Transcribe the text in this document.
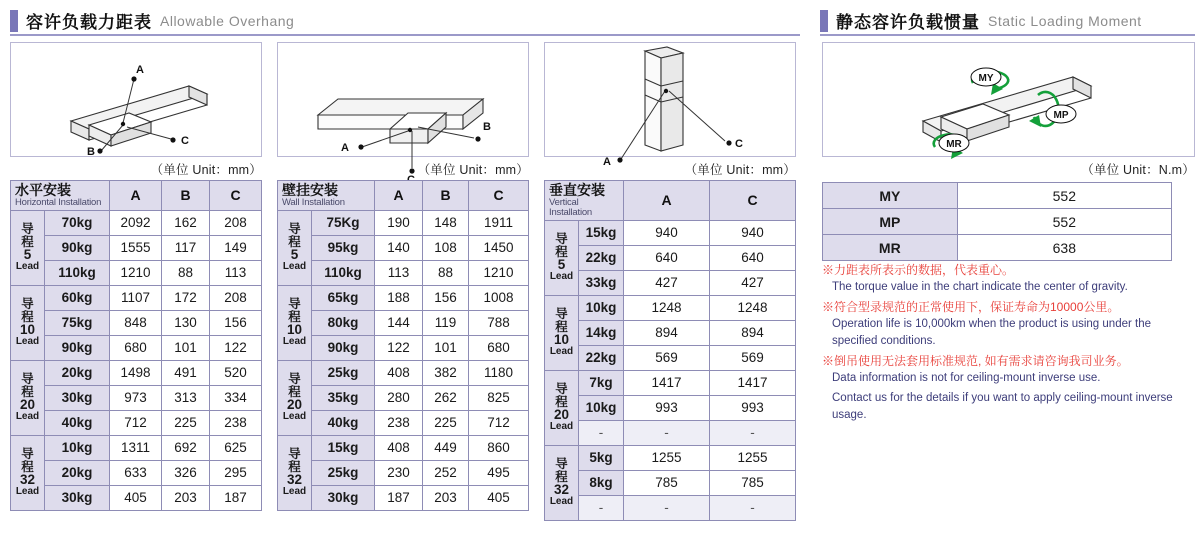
容许负载力距表 Allowable Overhang	静态容许负载惯量 Static Loading Moment
A
B
C
（单位 Unit：mm）
A
B
（单位 Unit：mm）
A
C
（单位 Unit：mm）
MY
MP
MR
（单位 Unit：N.m）
水平安装
Horizontal Installation		A	B	C

导
程
5
Lead	70kg	2092	162	208
	90kg	1555	117	149
	110kg	1210	88	113

导
程
10
Lead	60kg	1107	172	208
	75kg	848	130	156
	90kg	680	101	122

导
程
20
Lead	20kg	1498	491	520
	30kg	973	313	334
	40kg	712	225	238

导
程
32
Lead	10kg	1311	692	625
	20kg	633	326	295
	30kg	405	203	187
壁挂安装
Wall Installation		A	B	C

导
程
5
Lead	75Kg	190	148	1911
	95kg	140	108	1450
	110kg	113	88	1210

导
程
10
Lead	65kg	188	156	1008
	80kg	144	119	788
	90kg	122	101	680

导
程
20
Lead	25kg	408	382	1180
	35kg	280	262	825
	40kg	238	225	712

导
程
32
Lead	15kg	408	449	860
	25kg	230	252	495
	30kg	187	203	405
垂直安装
Vertical Installation		A	C

导
程
5
Lead	15kg	940	940
	22kg	640	640
	33kg	427	427

导
程
10
Lead	10kg	1248	1248
	14kg	894	894
	22kg	569	569

导
程
20
Lead	7kg	1417	1417
	10kg	993	993
	-	-	-

导
程
32
Lead	5kg	1255	1255
	8kg	785	785
	-	-	-
MY	552
MP	552
MR	638

※力距表所表示的数据，代表重心。

The torque value in the chart indicate the center of gravity.

※符合型录规范的正常使用下，保证寿命为10000公里。

Operation life is 10,000km when the product is using under the specified conditions.

※倒吊使用无法套用标准规范, 如有需求请咨询我司业务。

Data information is not for ceiling-mount inverse use.

Contact us for the details if you want to apply ceiling-mount inverse usage.
